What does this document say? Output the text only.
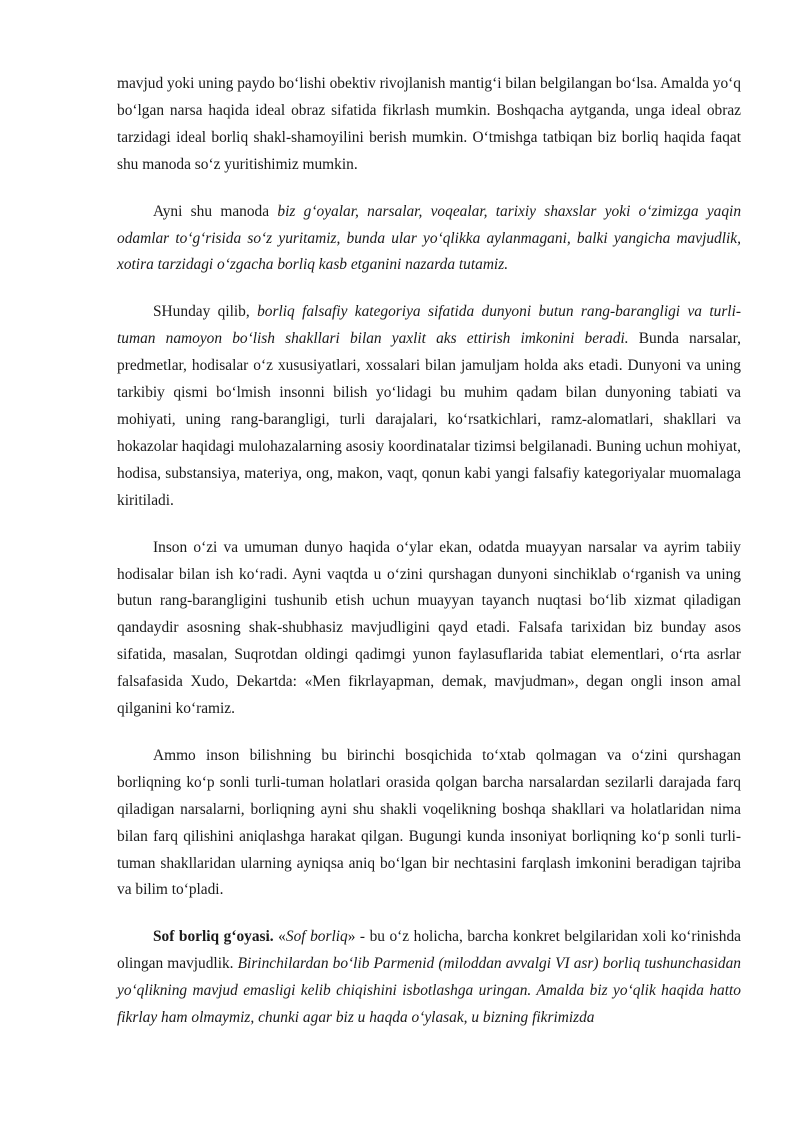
mavjud yoki uning paydo bo‘lishi obektiv rivojlanish mantig‘i bilan belgilangan bo‘lsa. Amalda yo‘q bo‘lgan narsa haqida ideal obraz sifatida fikrlash mumkin. Boshqacha aytganda, unga ideal obraz tarzidagi ideal borliq shakl-shamoyilini berish mumkin. O‘tmishga tatbiqan biz borliq haqida faqat shu manoda so‘z yuritishimiz mumkin.

Ayni shu manoda biz g‘oyalar, narsalar, voqealar, tarixiy shaxslar yoki o‘zimizga yaqin odamlar to‘g‘risida so‘z yuritamiz, bunda ular yo‘qlikka aylanmagani, balki yangicha mavjudlik, xotira tarzidagi o‘zgacha borliq kasb etganini nazarda tutamiz.

SHunday qilib, borliq falsafiy kategoriya sifatida dunyoni butun rang-barangligi va turli-tuman namoyon bo‘lish shakllari bilan yaxlit aks ettirish imkonini beradi. Bunda narsalar, predmetlar, hodisalar o‘z xususiyatlari, xossalari bilan jamuljam holda aks etadi. Dunyoni va uning tarkibiy qismi bo‘lmish insonni bilish yo‘lidagi bu muhim qadam bilan dunyoning tabiati va mohiyati, uning rang-barangligi, turli darajalari, ko‘rsatkichlari, ramz-alomatlari, shakllari va hokazolar haqidagi mulohazalarning asosiy koordinatalar tizimsi belgilanadi. Buning uchun mohiyat, hodisa, substansiya, materiya, ong, makon, vaqt, qonun kabi yangi falsafiy kategoriyalar muomalaga kiritiladi.

Inson o‘zi va umuman dunyo haqida o‘ylar ekan, odatda muayyan narsalar va ayrim tabiiy hodisalar bilan ish ko‘radi. Ayni vaqtda u o‘zini qurshagan dunyoni sinchiklab o‘rganish va uning butun rang-barangligini tushunib etish uchun muayyan tayanch nuqtasi bo‘lib xizmat qiladigan qandaydir asosning shak-shubhasiz mavjudligini qayd etadi. Falsafa tarixidan biz bunday asos sifatida, masalan, Suqrotdan oldingi qadimgi yunon faylasuflarida tabiat elementlari, o‘rta asrlar falsafasida Xudo, Dekartda: «Men fikrlayapman, demak, mavjudman», degan ongli inson amal qilganini ko‘ramiz.

Ammo inson bilishning bu birinchi bosqichida to‘xtab qolmagan va o‘zini qurshagan borliqning ko‘p sonli turli-tuman holatlari orasida qolgan barcha narsalardan sezilarli darajada farq qiladigan narsalarni, borliqning ayni shu shakli voqelikning boshqa shakllari va holatlaridan nima bilan farq qilishini aniqlashga harakat qilgan. Bugungi kunda insoniyat borliqning ko‘p sonli turli-tuman shakllaridan ularning ayniqsa aniq bo‘lgan bir nechtasini farqlash imkonini beradigan tajriba va bilim to‘pladi.

Sof borliq g‘oyasi. «Sof borliq» - bu o‘z holicha, barcha konkret belgilaridan xoli ko‘rinishda olingan mavjudlik. Birinchilardan bo‘lib Parmenid (miloddan avvalgi VI asr) borliq tushunchasidan yo‘qlikning mavjud emasligi kelib chiqishini isbotlashga uringan. Amalda biz yo‘qlik haqida hatto fikrlay ham olmaymiz, chunki agar biz u haqda o‘ylasak, u bizning fikrimizda
